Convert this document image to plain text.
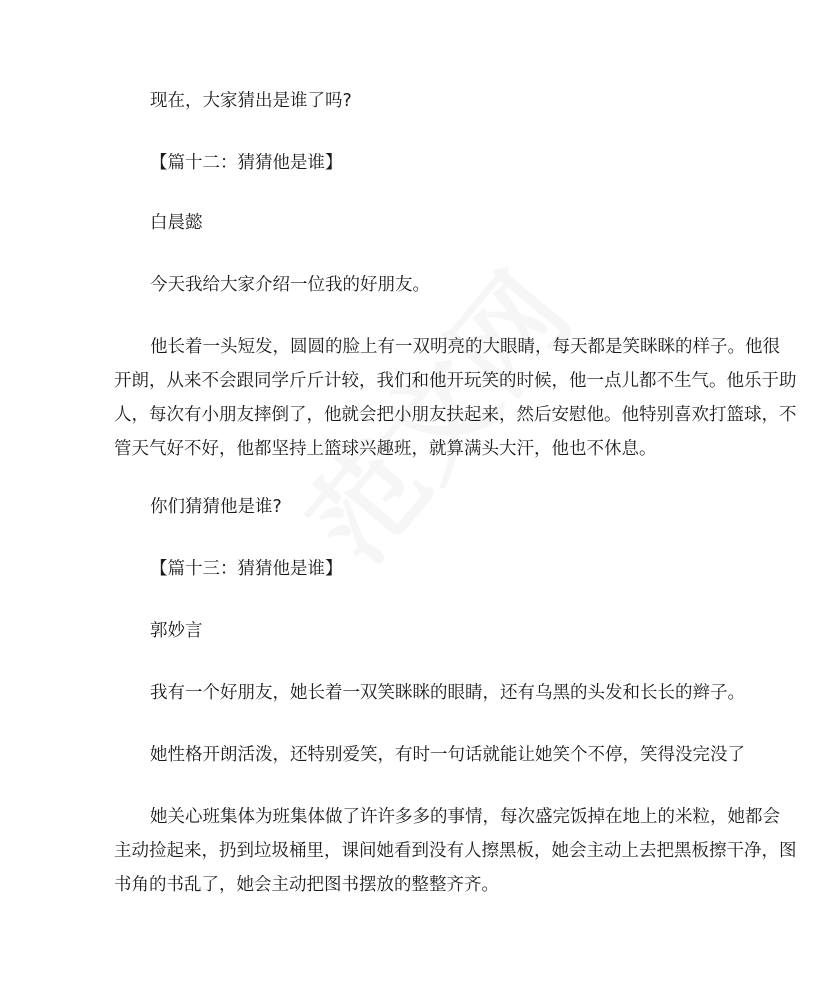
现在，大家猜出是谁了吗?

【篇十二：猜猜他是谁】

白晨懿

今天我给大家介绍一位我的好朋友。

他长着一头短发，圆圆的脸上有一双明亮的大眼睛，每天都是笑眯眯的样子。他很
开朗，从来不会跟同学斤斤计较，我们和他开玩笑的时候，他一点儿都不生气。他乐于助
人，每次有小朋友摔倒了，他就会把小朋友扶起来，然后安慰他。他特别喜欢打篮球，不
管天气好不好，他都坚持上篮球兴趣班，就算满头大汗，他也不休息。

你们猜猜他是谁?

【篇十三：猜猜他是谁】

郭妙言

我有一个好朋友，她长着一双笑眯眯的眼睛，还有乌黑的头发和长长的辫子。

她性格开朗活泼，还特别爱笑，有时一句话就能让她笑个不停，笑得没完没了

她关心班集体为班集体做了许许多多的事情，每次盛完饭掉在地上的米粒，她都会
主动捡起来，扔到垃圾桶里，课间她看到没有人擦黑板，她会主动上去把黑板擦干净，图
书角的书乱了，她会主动把图书摆放的整整齐齐。
